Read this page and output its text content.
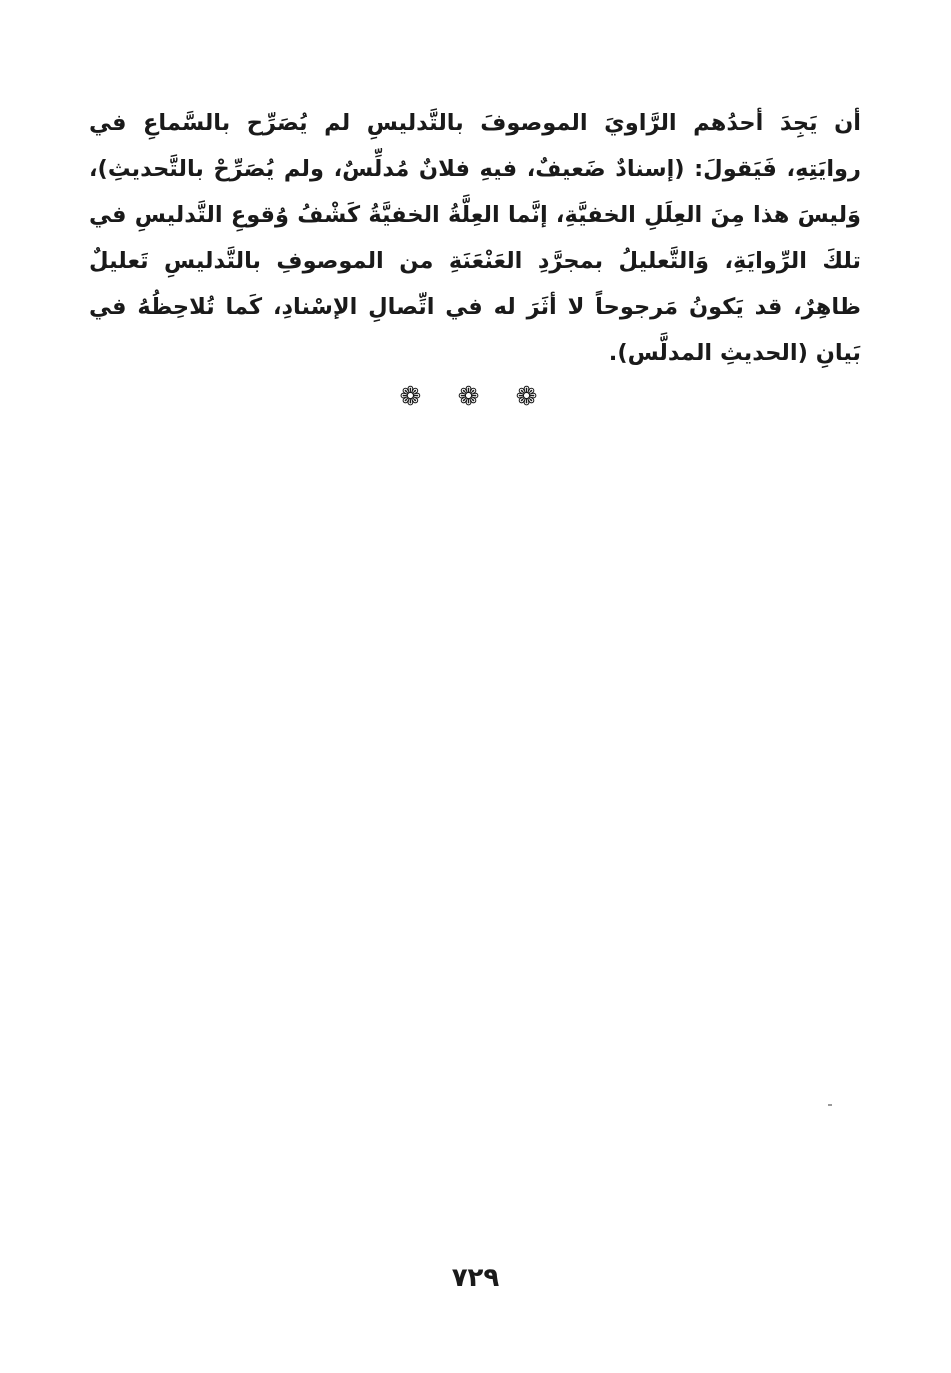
أن يَجِدَ أحدُهم الرَّاويَ الموصوفَ بالتَّدليسِ لم يُصَرِّح بالسَّماعِ في روايَتِهِ، فَيَقولَ: (إسنادٌ ضَعيفٌ، فيهِ فلانٌ مُدلِّسٌ، ولم يُصَرِّحْ بالتَّحديثِ)، وَليسَ هذا مِنَ العِلَلِ الخفيَّةِ، إنَّما العِلَّةُ الخفيَّةُ كَشْفُ وُقوعِ التَّدليسِ في تلكَ الرِّوايَةِ، وَالتَّعليلُ بمجرَّدِ العَنْعَنَةِ من الموصوفِ بالتَّدليسِ تَعليلٌ ظاهِرٌ، قد يَكونُ مَرجوحاً لا أثَرَ له في اتِّصالِ الإسْنادِ، كَما تُلاحِظُهُ في بَيانِ (الحديثِ المدلَّس).

❁ ❁ ❁
٧٢٩
